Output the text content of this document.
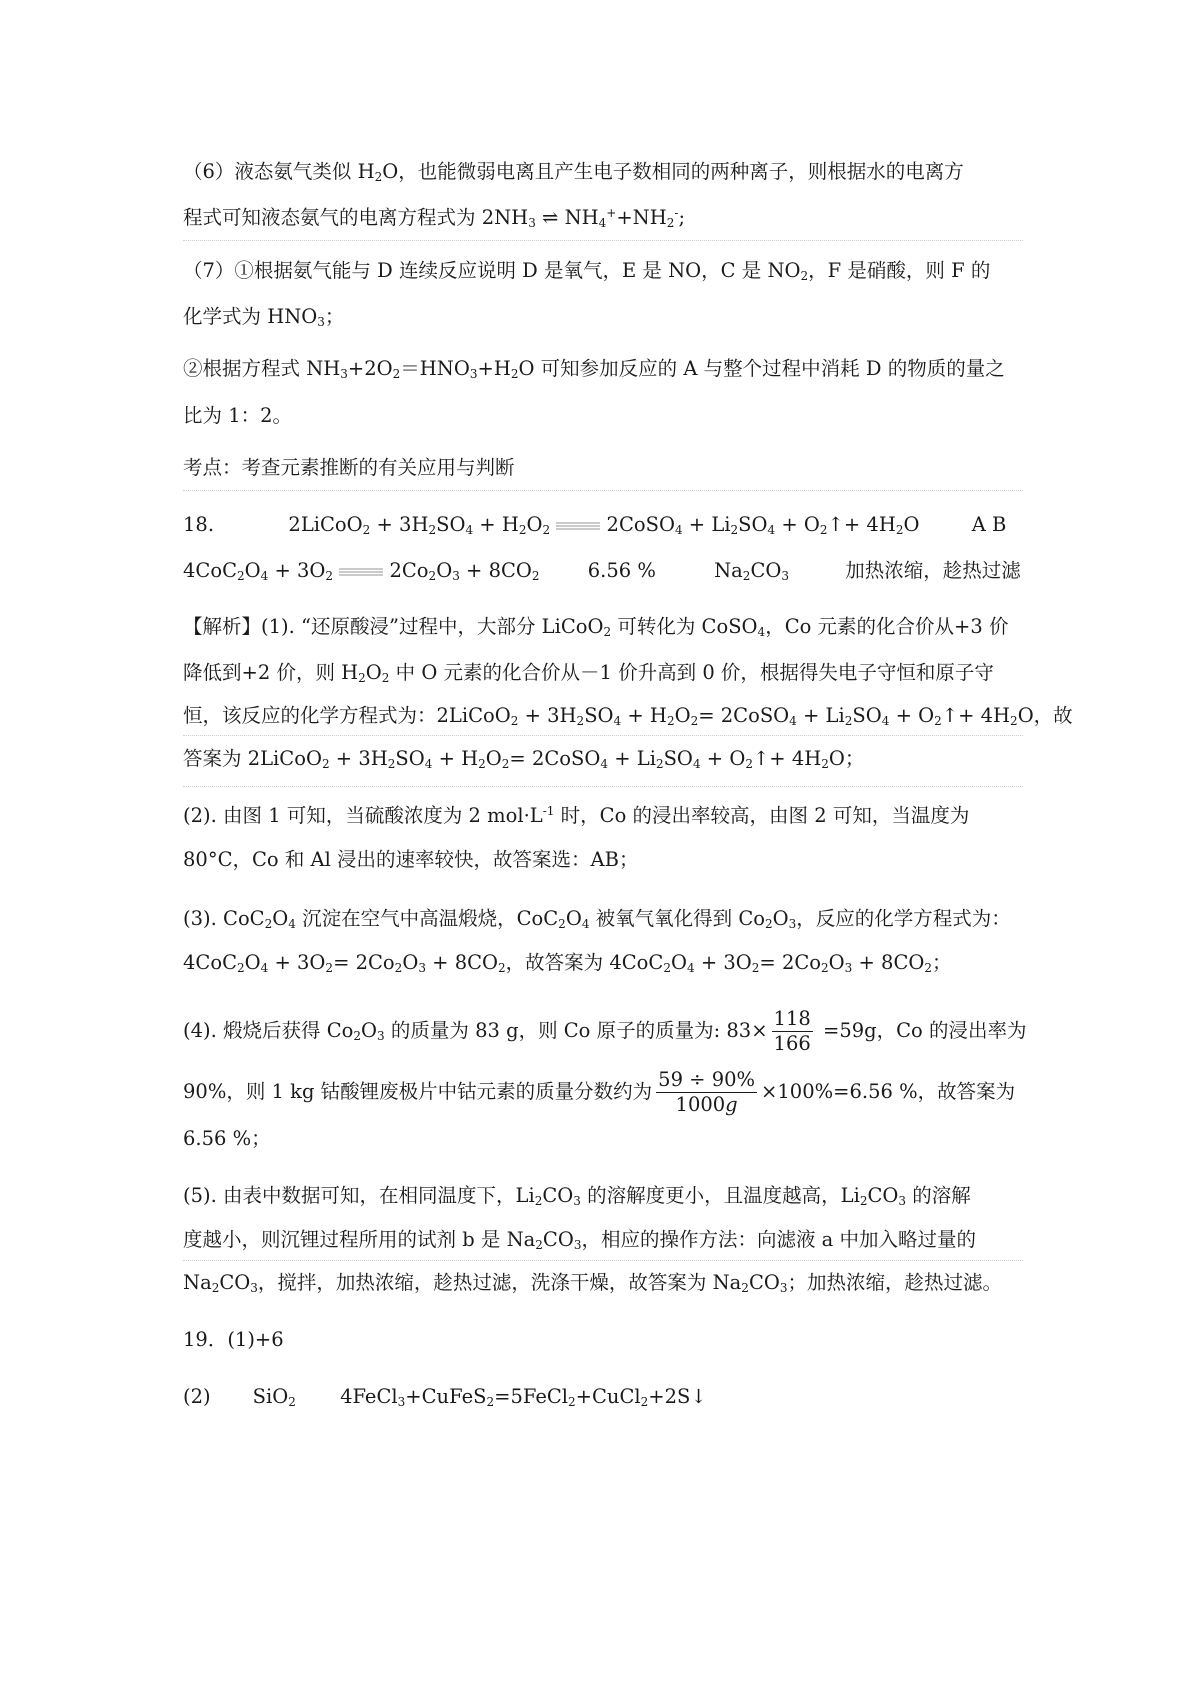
（6）液态氨气类似 $H_2O$，也能微弱电离且产生电子数相同的两种离子，则根据水的电离方
程式可知液态氨气的电离方程式为 $2NH_3$ ⇌ $NH_4^++NH_2^-$;
（7）①根据氨气能与 D 连续反应说明 D 是氧气，E 是 NO，C 是 $NO_2$，F 是硝酸，则 F 的
化学式为 $HNO_3$；
②根据方程式 $NH_3+2O_2=HNO_3+H_2O$ 可知参加反应的 A 与整个过程中消耗 D 的物质的量之
比为 1：2。
考点：考查元素推断的有关应用与判断
18.	2LiCoO$_2$ + $3H_2SO_4 + H_2O_2$	2CoSO$_4$ + $Li_2SO_4$ + $O_2↑+ 4H_2O$	A B
$4CoC_2O_4 + 3O_2$	$2Co_2O_3 + 8CO_2$ 6.56 %	$Na_2CO_3$	加热浓缩，趁热过滤
【解析】(1). “还原酸浸”过程中，大部分 LiCoO$_2$ 可转化为 CoSO$_4$，Co 元素的化合价从+3 价
降低到+2 价，则 $H_2O_2$ 中 O 元素的化合价从－1 价升高到 0 价，根据得失电子守恒和原子守
恒，该反应的化学方程式为：2LiCoO$_2$ + $3H_2SO_4 + H_2O_2=$ 2CoSO$_4$ + $Li_2SO_4$ + $O_2↑+ 4H_2O$，故
答案为 2LiCoO$_2$ + $3H_2SO_4 + H_2O_2=$ 2CoSO$_4$ + $Li_2SO_4$ + $O_2↑+ 4H_2O$；
(2). 由图 1 可知，当硫酸浓度为 2 $mol\cdot L^{-1}$ 时，Co 的浸出率较高，由图 2 可知，当温度为
80°C，Co 和 Al 浸出的速率较快，故答案选：AB；
(3). $CoC_2O_4$ 沉淀在空气中高温煅烧，$CoC_2O_4$ 被氧气氧化得到 $Co_2O_3$，反应的化学方程式为：
$4CoC_2O_4 + 3O_2= 2Co_2O_3 + 8CO_2$，故答案为 $4CoC_2O_4 + 3O_2= 2Co_2O_3 + 8CO_2$；
(4). 煅烧后获得 $Co_2O_3$ 的质量为 83 g，则 Co 原子的质量为: $83\times \frac{118}{166} =59g$，Co 的浸出率为
90%，则 1 kg 钴酸锂废极片中钴元素的质量分数约为 $\frac{59 \div 90\%}{1000g} \times 100\%=6.56$ %，故答案为
6.56 %；
(5). 由表中数据可知，在相同温度下，$Li_2CO_3$ 的溶解度更小，且温度越高，$Li_2CO_3$ 的溶解
度越小，则沉锂过程所用的试剂 b 是 $Na_2CO_3$，相应的操作方法：向滤液 a 中加入略过量的
$Na_2CO_3$，搅拌，加热浓缩，趁热过滤，洗涤干燥，故答案为 $Na_2CO_3$；加热浓缩，趁热过滤。
19．(1)+6
(2) SiO$_2$ 4FeCl$_3$+CuFeS$_2$=5FeCl$_2$+CuCl$_2$+2S↓
